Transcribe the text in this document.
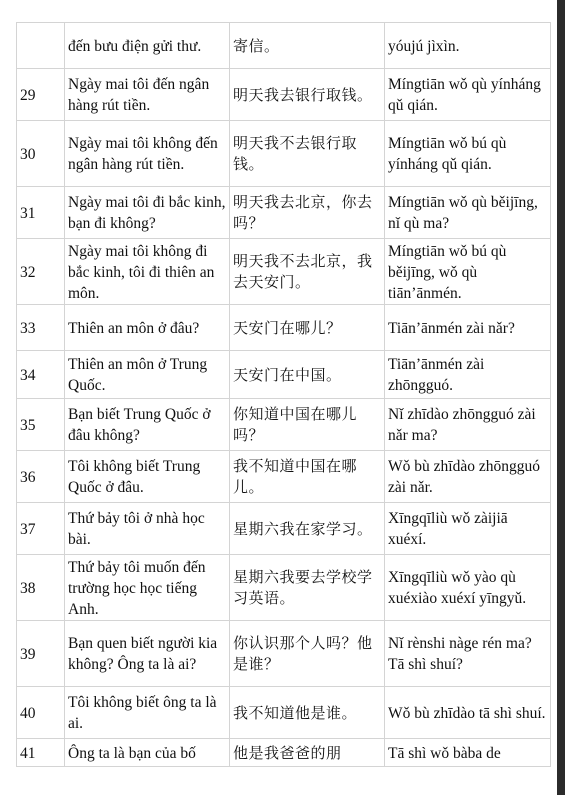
	đến bưu điện gửi thư.	寄信。	yóujú jìxìn.
29	Ngày mai tôi đến ngân hàng rút tiền.	明天我去银行取钱。	Míngtiān wǒ qù yínháng qǔ qián.
30	Ngày mai tôi không đến ngân hàng rút tiền.	明天我不去银行取钱。	Míngtiān wǒ bú qù yínháng qǔ qián.
31	Ngày mai tôi đi bắc kinh, bạn đi không?	明天我去北京，你去吗？	Míngtiān wǒ qù běijīng, nǐ qù ma?
32	Ngày mai tôi không đi bắc kinh, tôi đi thiên an môn.	明天我不去北京，我去天安门。	Míngtiān wǒ bú qù běijīng, wǒ qù tiān’ānmén.
33	Thiên an môn ở đâu?	天安门在哪儿？	Tiān’ānmén zài nǎr?
34	Thiên an môn ở Trung Quốc.	天安门在中国。	Tiān’ānmén zài zhōngguó.
35	Bạn biết Trung Quốc ở đâu không?	你知道中国在哪儿吗？	Nǐ zhīdào zhōngguó zài nǎr ma?
36	Tôi không biết Trung Quốc ở đâu.	我不知道中国在哪儿。	Wǒ bù zhīdào zhōngguó zài nǎr.
37	Thứ bảy tôi ở nhà học bài.	星期六我在家学习。	Xīngqīliù wǒ zàijiā xuéxí.
38	Thứ bảy tôi muốn đến trường học học tiếng Anh.	星期六我要去学校学习英语。	Xīngqīliù wǒ yào qù xuéxiào xuéxí yīngyǔ.
39	Bạn quen biết người kia không? Ông ta là ai?	你认识那个人吗？他是谁？	Nǐ rènshi nàge rén ma? Tā shì shuí?
40	Tôi không biết ông ta là ai.	我不知道他是谁。	Wǒ bù zhīdào tā shì shuí.
41	Ông ta là bạn của bố	他是我爸爸的朋	Tā shì wǒ bàba de
